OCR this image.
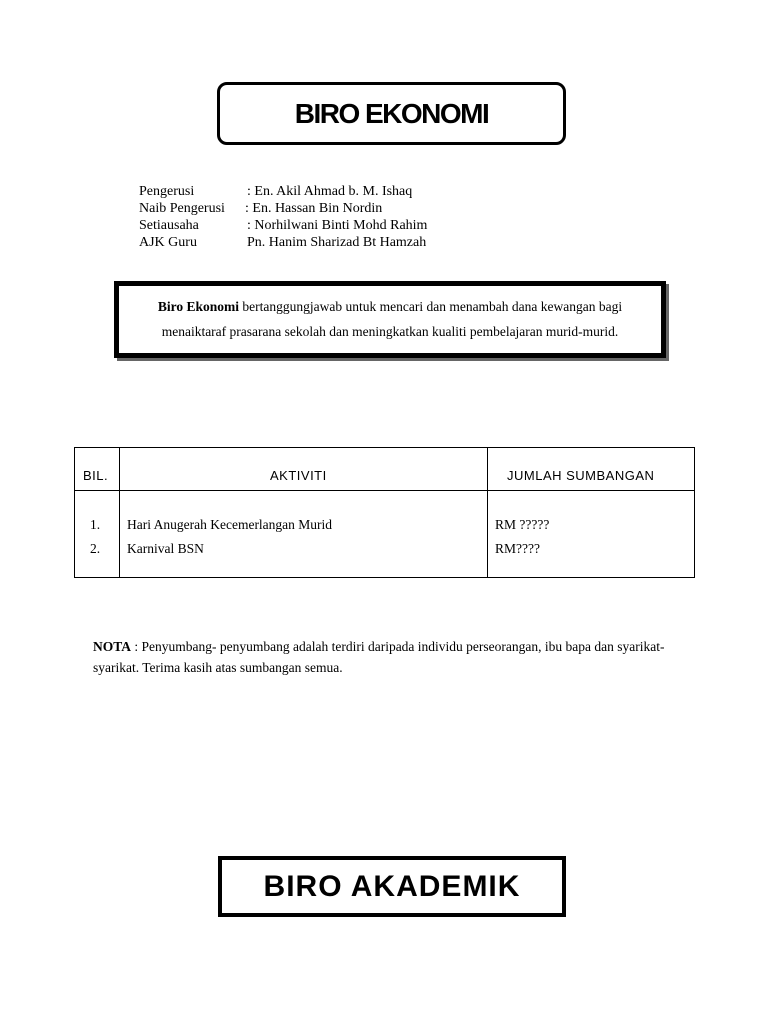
BIRO EKONOMI
Pengerusi	: En. Akil Ahmad b. M. Ishaq
Naib Pengerusi : En. Hassan Bin Nordin
Setiausaha	: Norhilwani Binti Mohd Rahim
AJK Guru	Pn. Hanim Sharizad Bt Hamzah
Biro Ekonomi bertanggungjawab untuk mencari dan menambah dana kewangan bagi menaiktaraf prasarana sekolah dan meningkatkan kualiti pembelajaran murid-murid.
BIL.	AKTIVITI	JUMLAH SUMBANGAN
1. Hari Anugerah Kecemerlangan Murid	RM ?????
2. Karnival BSN	RM????
NOTA : Penyumbang- penyumbang adalah terdiri daripada individu perseorangan, ibu bapa dan syarikat- syarikat. Terima kasih atas sumbangan semua.
BIRO AKADEMIK
